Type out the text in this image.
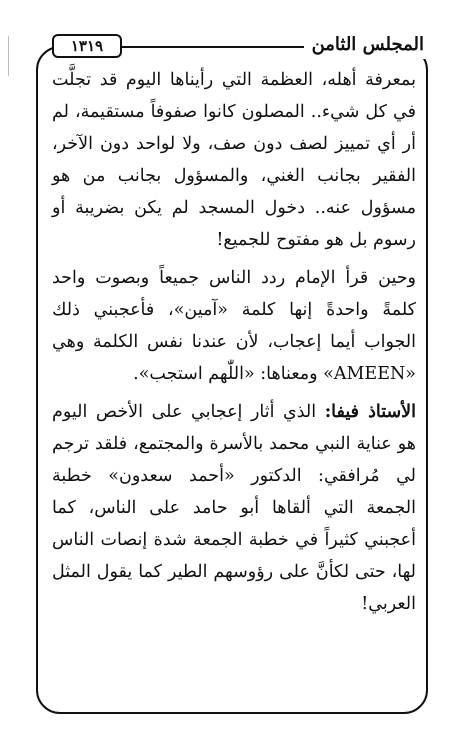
المجلس الثامن
١٣١٩

بمعرفة أهله، العظمة التي رأيناها اليوم قد تجلَّت في كل شيء.. المصلون كانوا صفوفاً مستقيمة، لم أر أي تمييز لصف دون صف، ولا لواحد دون الآخر، الفقير بجانب الغني، والمسؤول بجانب من هو مسؤول عنه.. دخول المسجد لم يكن بضريبة أو رسوم بل هو مفتوح للجميع!

وحين قرأ الإمام ردد الناس جميعاً وبصوت واحد كلمةً واحدةً إنها كلمة «آمين»، فأعجبني ذلك الجواب أيما إعجاب، لأن عندنا نفس الكلمة وهي «AMEEN» ومعناها: «اللّٰهم استجب».

الأستاذ فيفا: الذي أثار إعجابي على الأخص اليوم هو عناية النبي محمد بالأسرة والمجتمع، فلقد ترجم لي مُرافقي: الدكتور «أحمد سعدون» خطبة الجمعة التي ألقاها أبو حامد على الناس، كما أعجبني كثيراً في خطبة الجمعة شدة إنصات الناس لها، حتى لكأنَّ على رؤوسهم الطير كما يقول المثل العربي!
